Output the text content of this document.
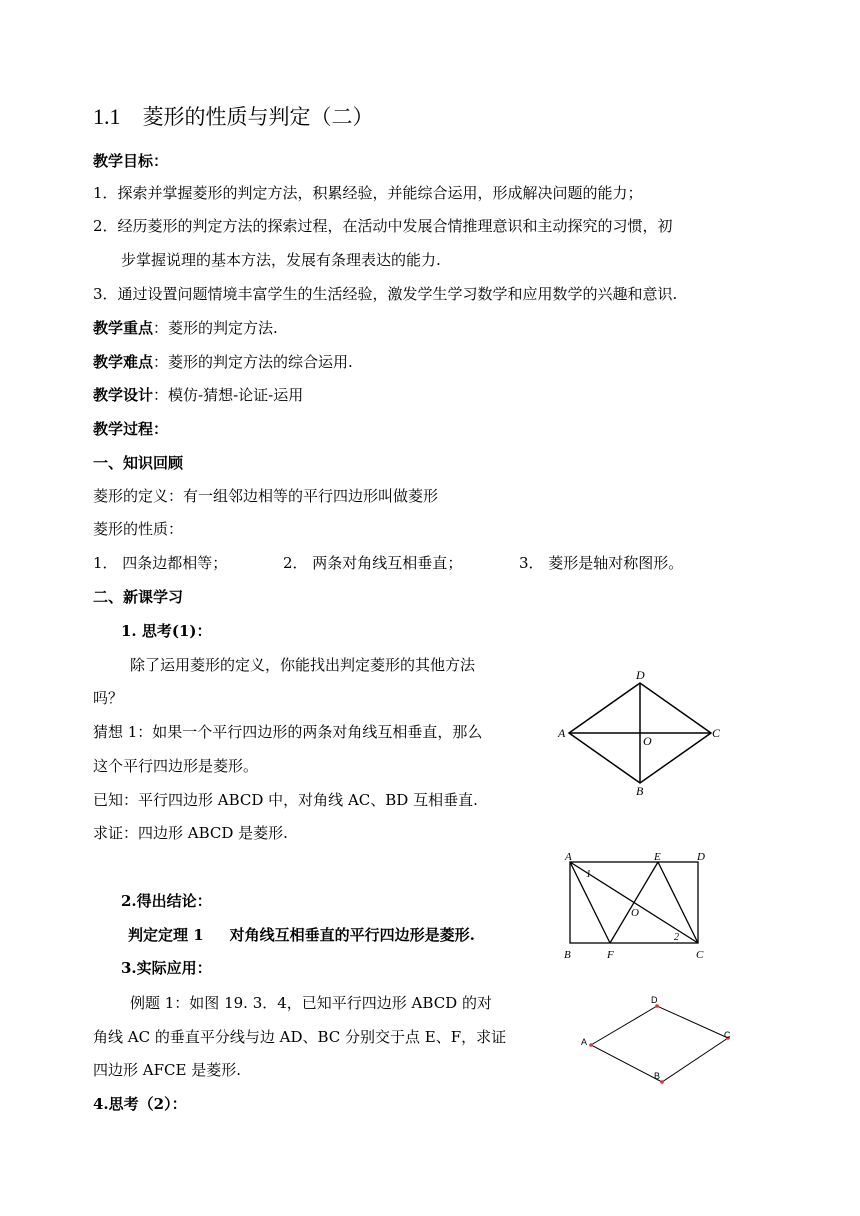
1.1 菱形的性质与判定（二）
教学目标：
1．探索并掌握菱形的判定方法，积累经验，并能综合运用，形成解决问题的能力；
2．经历菱形的判定方法的探索过程，在活动中发展合情推理意识和主动探究的习惯，初
步掌握说理的基本方法，发展有条理表达的能力.
3．通过设置问题情境丰富学生的生活经验，激发学生学习数学和应用数学的兴趣和意识.
教学重点：菱形的判定方法.
教学难点：菱形的判定方法的综合运用.
教学设计：模仿-猜想-论证-运用
教学过程：
一、知识回顾
菱形的定义：有一组邻边相等的平行四边形叫做菱形
菱形的性质：
1． 四条边都相等；	2． 两条对角线互相垂直；	3． 菱形是轴对称图形。
二、新课学习
1. 思考(1)：
除了运用菱形的定义，你能找出判定菱形的其他方法
吗？
猜想 1：如果一个平行四边形的两条对角线互相垂直，那么
这个平行四边形是菱形。
已知：平行四边形 ABCD 中，对角线 AC、BD 互相垂直.
求证：四边形 ABCD 是菱形.
2.得出结论：
判定定理 1 对角线互相垂直的平行四边形是菱形.
3.实际应用：
例题 1：如图 19. 3．4，已知平行四边形 ABCD 的对
角线 AC 的垂直平分线与边 AD、BC 分别交于点 E、F，求证
四边形 AFCE 是菱形.
4.思考（2）：
D
A	C
O
B
A	E	D
O
1
2
B	F	C
D
A
C
B
